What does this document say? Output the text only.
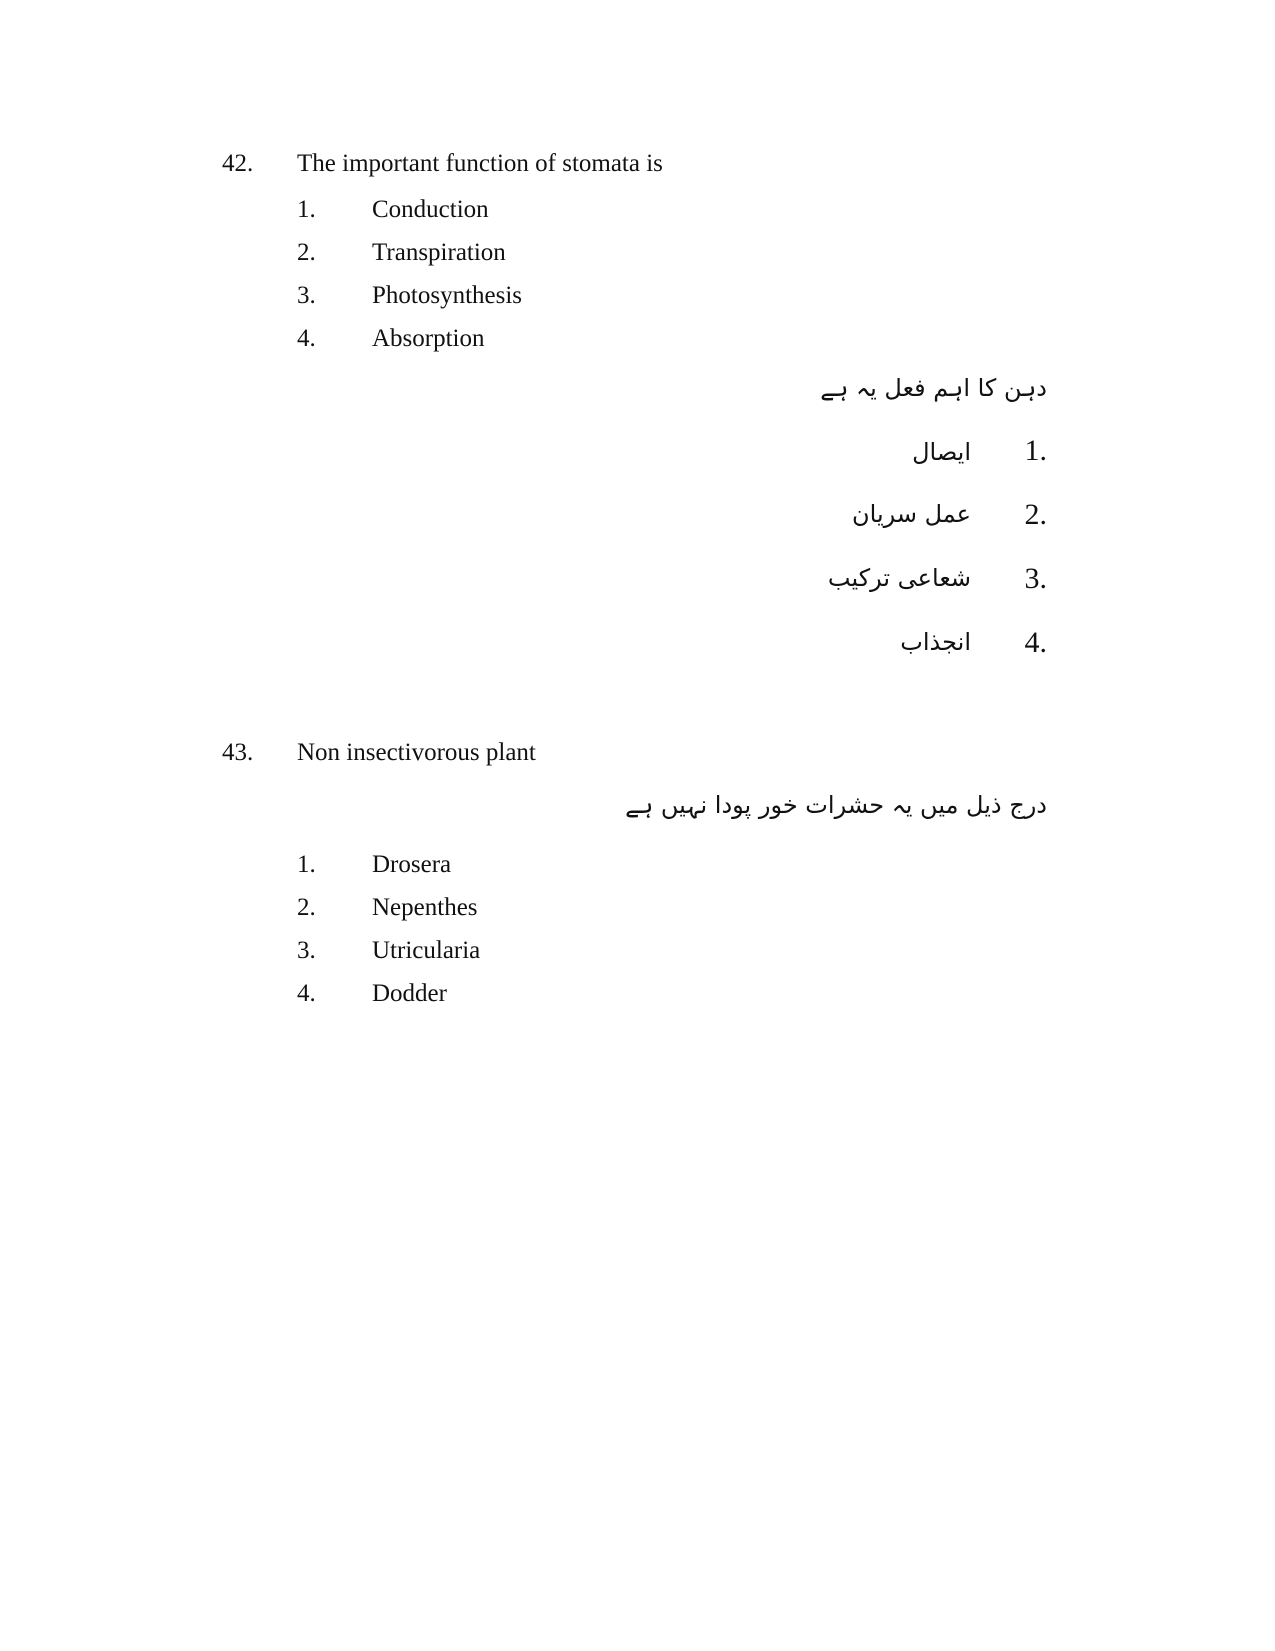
42. The important function of stomata is
1. Conduction
2. Transpiration
3. Photosynthesis
4. Absorption
دہن کا اہم فعل یہ ہے
.1
ایصال
.2
عمل سریان
.3
شعاعی ترکیب
.4
انجذاب
43. Non insectivorous plant
درج ذیل میں یہ حشرات خور پودا نہیں ہے
1. Drosera
2. Nepenthes
3. Utricularia
4. Dodder
